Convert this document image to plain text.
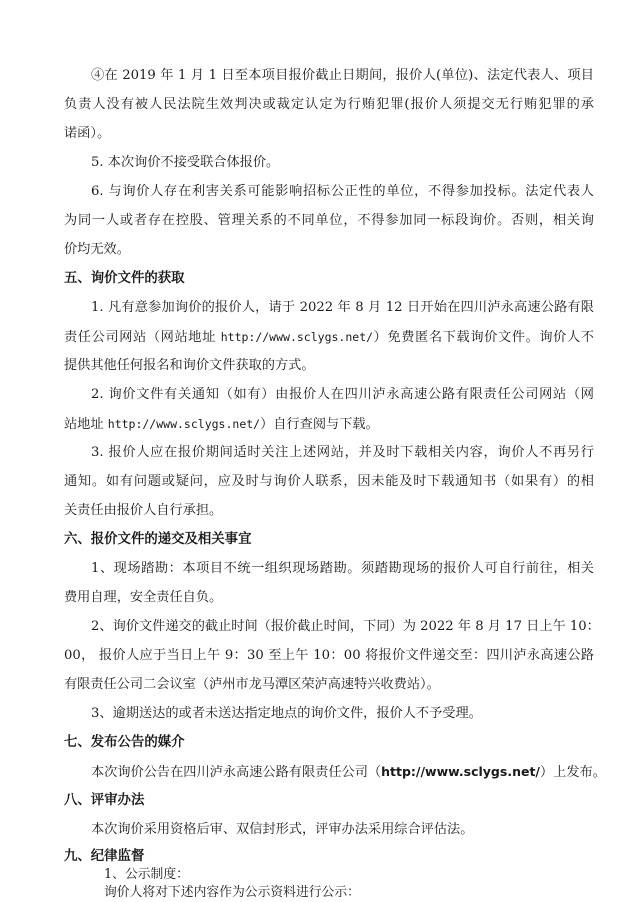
④在 2019 年 1 月 1 日至本项目报价截止日期间，报价人(单位)、法定代表人、项目
负责人没有被人民法院生效判决或裁定认定为行贿犯罪(报价人须提交无行贿犯罪的承
诺函）。
5. 本次询价不接受联合体报价。
6. 与询价人存在利害关系可能影响招标公正性的单位，不得参加投标。法定代表人
为同一人或者存在控股、管理关系的不同单位，不得参加同一标段询价。否则，相关询
价均无效。
五、询价文件的获取
1. 凡有意参加询价的报价人，请于 2022 年 8 月 12 日开始在四川泸永高速公路有限
责任公司网站（网站地址 http://www.sclygs.net/）免费匿名下载询价文件。询价人不
提供其他任何报名和询价文件获取的方式。
2. 询价文件有关通知（如有）由报价人在四川泸永高速公路有限责任公司网站（网
站地址 http://www.sclygs.net/）自行查阅与下载。
3. 报价人应在报价期间适时关注上述网站，并及时下载相关内容，询价人不再另行
通知。如有问题或疑问，应及时与询价人联系，因未能及时下载通知书（如果有）的相
关责任由报价人自行承担。
六、报价文件的递交及相关事宜
1、现场踏勘：本项目不统一组织现场踏勘。须踏勘现场的报价人可自行前往，相关
费用自理，安全责任自负。
2、询价文件递交的截止时间（报价截止时间，下同）为 2022 年 8 月 17 日上午 10：
00， 报价人应于当日上午 9：30 至上午 10：00 将报价文件递交至：四川泸永高速公路
有限责任公司二会议室（泸州市龙马潭区荣泸高速特兴收费站）。
3、逾期送达的或者未送达指定地点的询价文件，报价人不予受理。
七、发布公告的媒介
本次询价公告在四川泸永高速公路有限责任公司（http://www.sclygs.net/）上发布。
八、评审办法
本次询价采用资格后审、双信封形式，评审办法采用综合评估法。
九、纪律监督
1、公示制度：
询价人将对下述内容作为公示资料进行公示：
